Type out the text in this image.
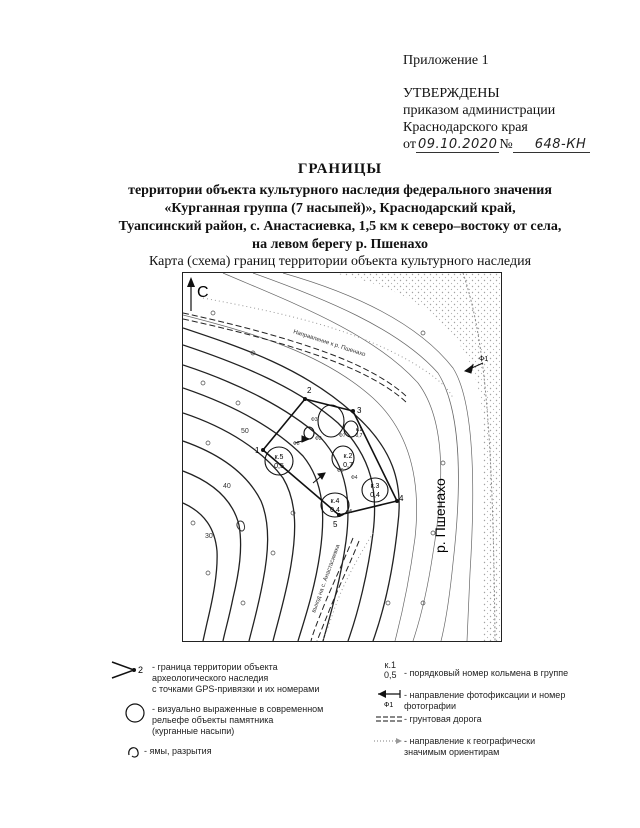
Приложение 1
УТВЕРЖДЕНЫ
приказом администрации
Краснодарского края
от 09.10.2020 № 648-КН
ГРАНИЦЫ
территории объекта культурного наследия федерального значения
«Курганная группа (7 насыпей)», Краснодарский край,
Туапсинский район, с. Анастасиевка, 1,5 км к северо–востоку от села,
на левом берегу р. Пшенахо
Карта (схема) границ территории объекта культурного наследия
С
р. Пшенахо
Направление к р. Пшенахо
выход на с. Анастасиевка
Ф1
50
40
30
1
2
3
4
5
Ф2
Ф3
Ф4
Ф5
Ф6
Ф7
Ф8
к.1
0,7
к.2
0,7
к.3
0,4
к.4
0,4
к.5
0,5
2 - граница территории объекта
археологического наследия
с точками GPS-привязки и их номерами
- визуально выраженные в современном
рельефе объекты памятника
(курганные насыпи)
- ямы, разрытия
к.1
0,5 - порядковый номер кольмена в группе
Ф1
- направление фотофиксации и номер
фотографии
- грунтовая дорога
- направление к географически
значимым ориентирам
